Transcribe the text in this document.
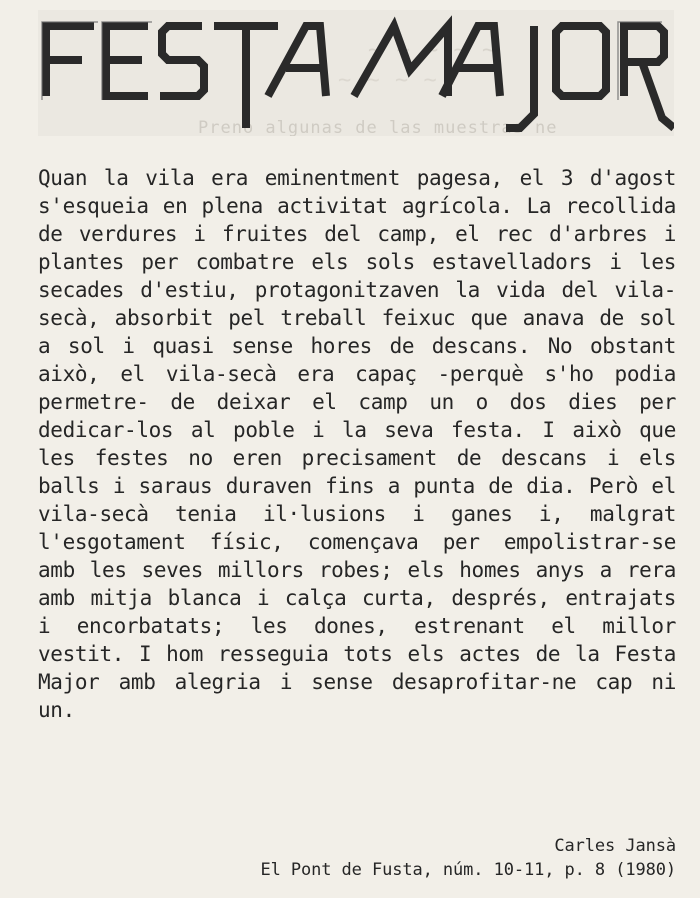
~ ~ ~ ~ ~
~ ~ ~ ~
Preno algunas de las muestras ne

Quan la vila era eminentment pagesa, el 3 d'agost s'esqueia en plena activitat agrícola. La recollida de verdures i fruites del camp, el rec d'arbres i plantes per combatre els sols estavelladors i les secades d'estiu, protagonitzaven la vida del vila-secà, absorbit pel treball feixuc que anava de sol a sol i quasi sense hores de descans. No obstant això, el vila-secà era capaç -perquè s'ho podia permetre- de deixar el camp un o dos dies per dedicar-los al poble i la seva festa. I això que les festes no eren precisament de descans i els balls i saraus duraven fins a punta de dia. Però el vila-secà tenia il·lusions i ganes i, malgrat l'esgotament físic, començava per empolistrar-se amb les seves millors robes; els homes anys a rera amb mitja blanca i calça curta, després, entrajats i encorbatats; les dones, estrenant el millor vestit. I hom resseguia tots els actes de la Festa Major amb alegria i sense desaprofitar-ne cap ni un.

Carles Jansà
El Pont de Fusta, núm. 10-11, p. 8 (1980)
